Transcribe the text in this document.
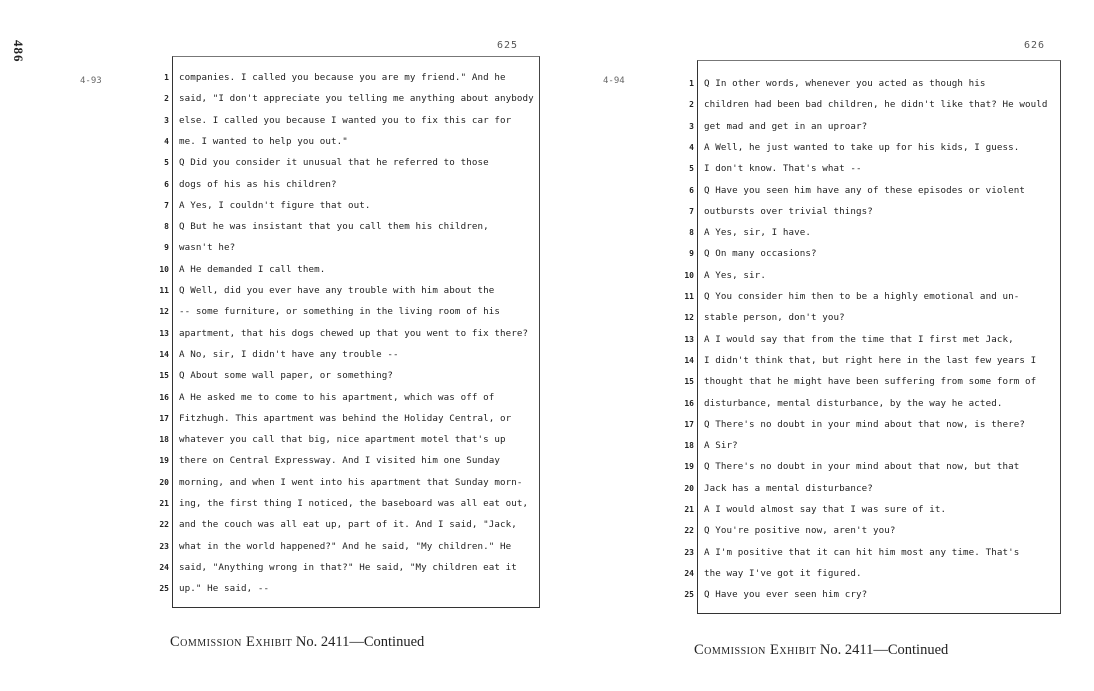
486	625
4-93	1 companies. I called you because you are my friend." And he
2 said, "I don't appreciate you telling me anything about anybody
3 else. I called you because I wanted you to fix this car for
4 me. I wanted to help you out."
5 Q Did you consider it unusual that he referred to those
6 dogs of his as his children?
7 A Yes, I couldn't figure that out.
8 Q But he was insistant that you call them his children,
9 wasn't he?
10 A He demanded I call them.
11 Q Well, did you ever have any trouble with him about the
12 -- some furniture, or something in the living room of his
13 apartment, that his dogs chewed up that you went to fix there?
14 A No, sir, I didn't have any trouble --
15 Q About some wall paper, or something?
16 A He asked me to come to his apartment, which was off of
17 Fitzhugh. This apartment was behind the Holiday Central, or
18 whatever you call that big, nice apartment motel that's up
19 there on Central Expressway. And I visited him one Sunday
20 morning, and when I went into his apartment that Sunday morn-
21 ing, the first thing I noticed, the baseboard was all eat out,
22 and the couch was all eat up, part of it. And I said, "Jack,
23 what in the world happened?" And he said, "My children." He
24 said, "Anything wrong in that?" He said, "My children eat it
25 up." He said, --
Commission Exhibit No. 2411—Continued
626
4-94	1 Q In other words, whenever you acted as though his
2 children had been bad children, he didn't like that? He would
3 get mad and get in an uproar?
4 A Well, he just wanted to take up for his kids, I guess.
5 I don't know. That's what --
6 Q Have you seen him have any of these episodes or violent
7 outbursts over trivial things?
8 A Yes, sir, I have.
9 Q On many occasions?
10 A Yes, sir.
11 Q You consider him then to be a highly emotional and un-
12 stable person, don't you?
13 A I would say that from the time that I first met Jack,
14 I didn't think that, but right here in the last few years I
15 thought that he might have been suffering from some form of
16 disturbance, mental disturbance, by the way he acted.
17 Q There's no doubt in your mind about that now, is there?
18 A Sir?
19 Q There's no doubt in your mind about that now, but that
20 Jack has a mental disturbance?
21 A I would almost say that I was sure of it.
22 Q You're positive now, aren't you?
23 A I'm positive that it can hit him most any time. That's
24 the way I've got it figured.
25 Q Have you ever seen him cry?
Commission Exhibit No. 2411—Continued
